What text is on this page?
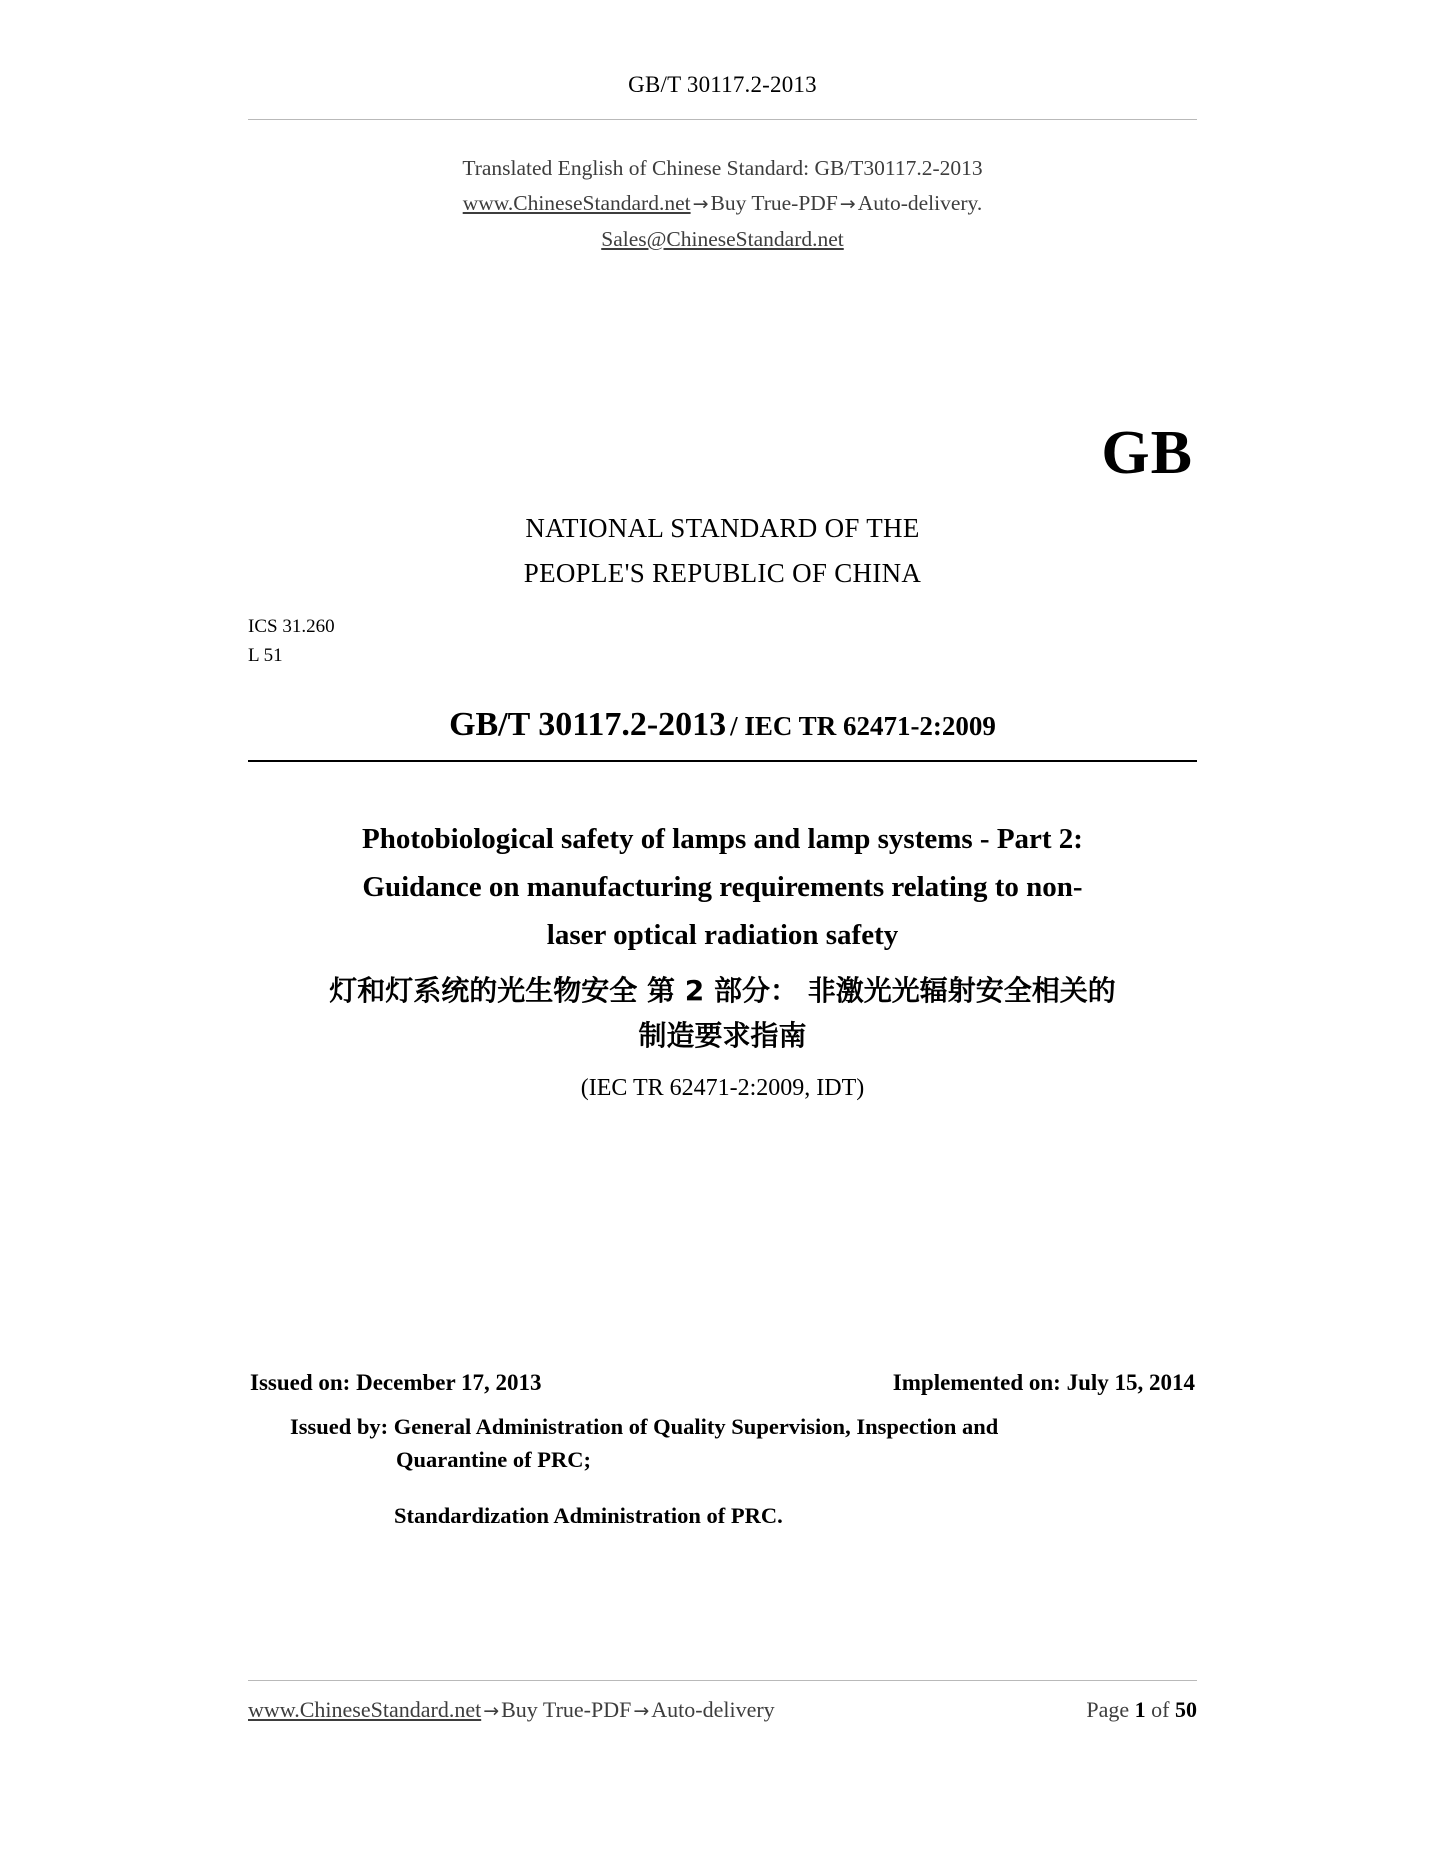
GB/T 30117.2-2013
Translated English of Chinese Standard: GB/T30117.2-2013
www.ChineseStandard.net →Buy True-PDF →Auto-delivery.
Sales@ChineseStandard.net
GB
NATIONAL STANDARD OF THE
PEOPLE'S REPUBLIC OF CHINA
ICS 31.260
L 51
GB/T 30117.2-2013 / IEC TR 62471-2:2009
Photobiological safety of lamps and lamp systems - Part 2:
Guidance on manufacturing requirements relating to non-
laser optical radiation safety
灯和灯系统的光生物安全 第 2 部分： 非激光光辐射安全相关的
制造要求指南
(IEC TR 62471-2:2009, IDT)
Issued on: December 17, 2013	Implemented on: July 15, 2014
Issued by: General Administration of Quality Supervision, Inspection and
Quarantine of PRC;
Standardization Administration of PRC.
www.ChineseStandard.net →Buy True-PDF →Auto-delivery	Page 1 of 50
